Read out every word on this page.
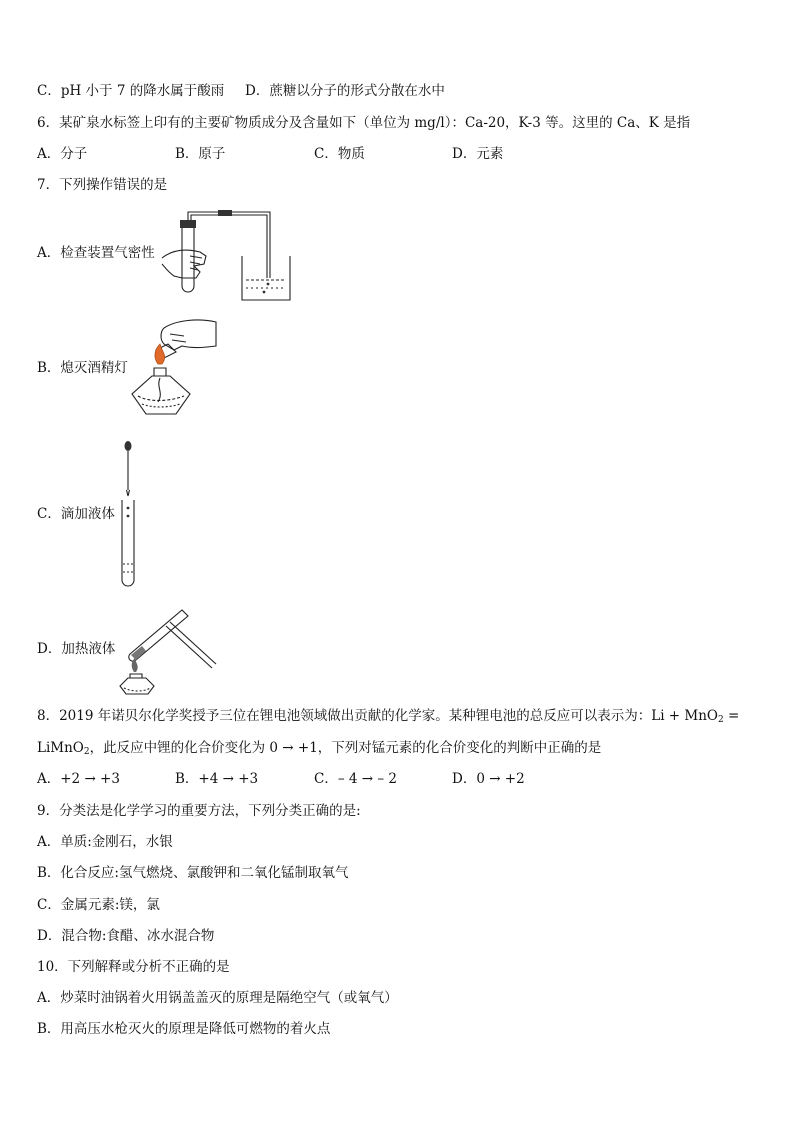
C．pH 小于 7 的降水属于酸雨 D．蔗糖以分子的形式分散在水中
6．某矿泉水标签上印有的主要矿物质成分及含量如下（单位为 mg/l）：Ca-20，K-3 等。这里的 Ca、K 是指
A．分子	B．原子	C．物质	D．元素
7．下列操作错误的是
A．检查装置气密性
B．熄灭酒精灯
C．滴加液体
D．加热液体
8．2019 年诺贝尔化学奖授予三位在锂电池领域做出贡献的化学家。某种锂电池的总反应可以表示为：Li + MnO$_2$ =
LiMnO$_2$，此反应中锂的化合价变化为 0 → +1，下列对锰元素的化合价变化的判断中正确的是
A．+2 → +3	B．+4 → +3	C．– 4 → – 2	D．0 → +2
9．分类法是化学学习的重要方法，下列分类正确的是:
A．单质:金刚石，水银
B．化合反应:氢气燃烧、氯酸钾和二氧化锰制取氧气
C．金属元素:镁，氯
D．混合物:食醋、冰水混合物
10．下列解释或分析不正确的是
A．炒菜时油锅着火用锅盖盖灭的原理是隔绝空气（或氧气）
B．用高压水枪灭火的原理是降低可燃物的着火点
